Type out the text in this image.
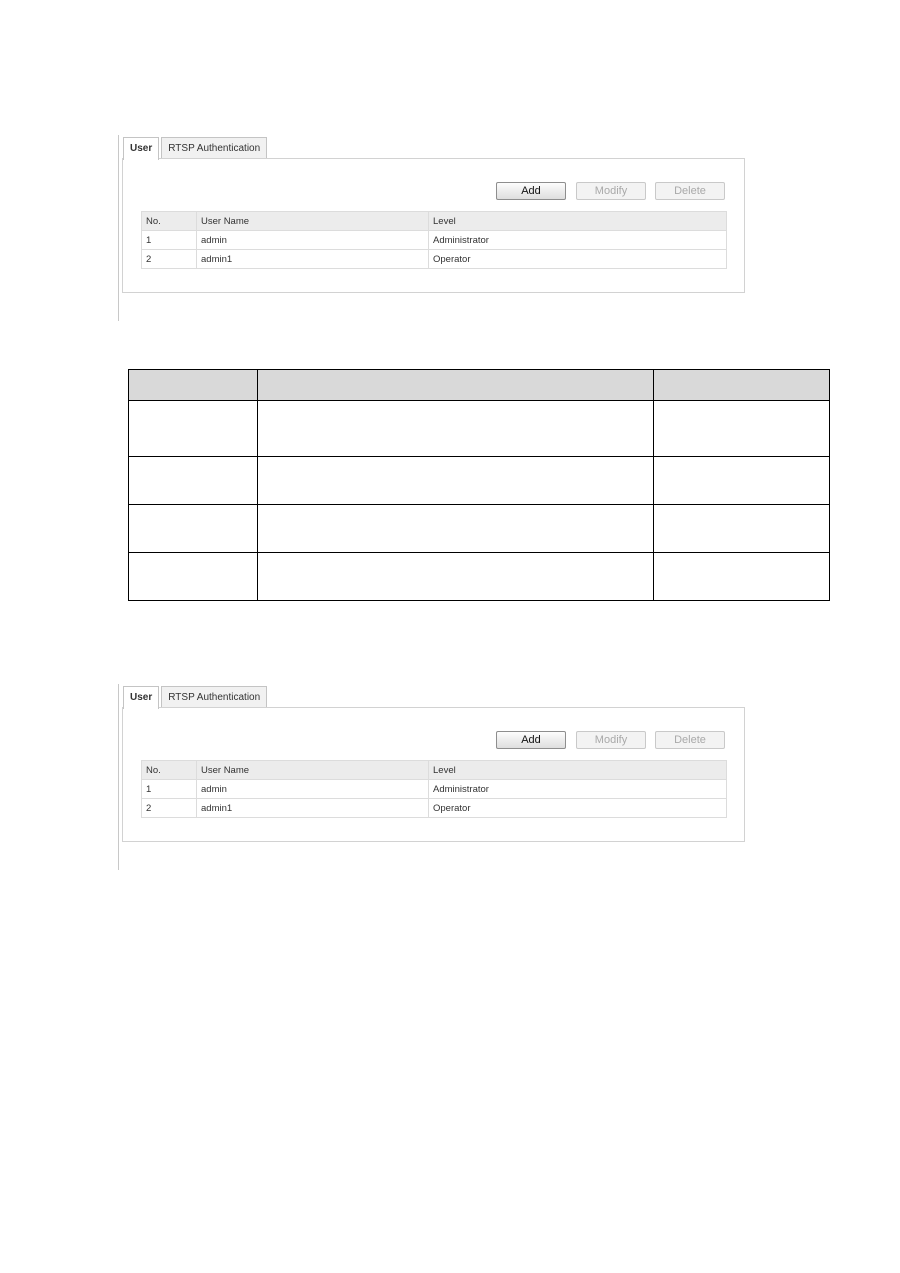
User	RTSP Authentication
Add	Modify	Delete
No.	User Name	Level
1	admin	Administrator
2	admin1	Operator

User	RTSP Authentication
Add	Modify	Delete
No.	User Name	Level
1	admin	Administrator
2	admin1	Operator
